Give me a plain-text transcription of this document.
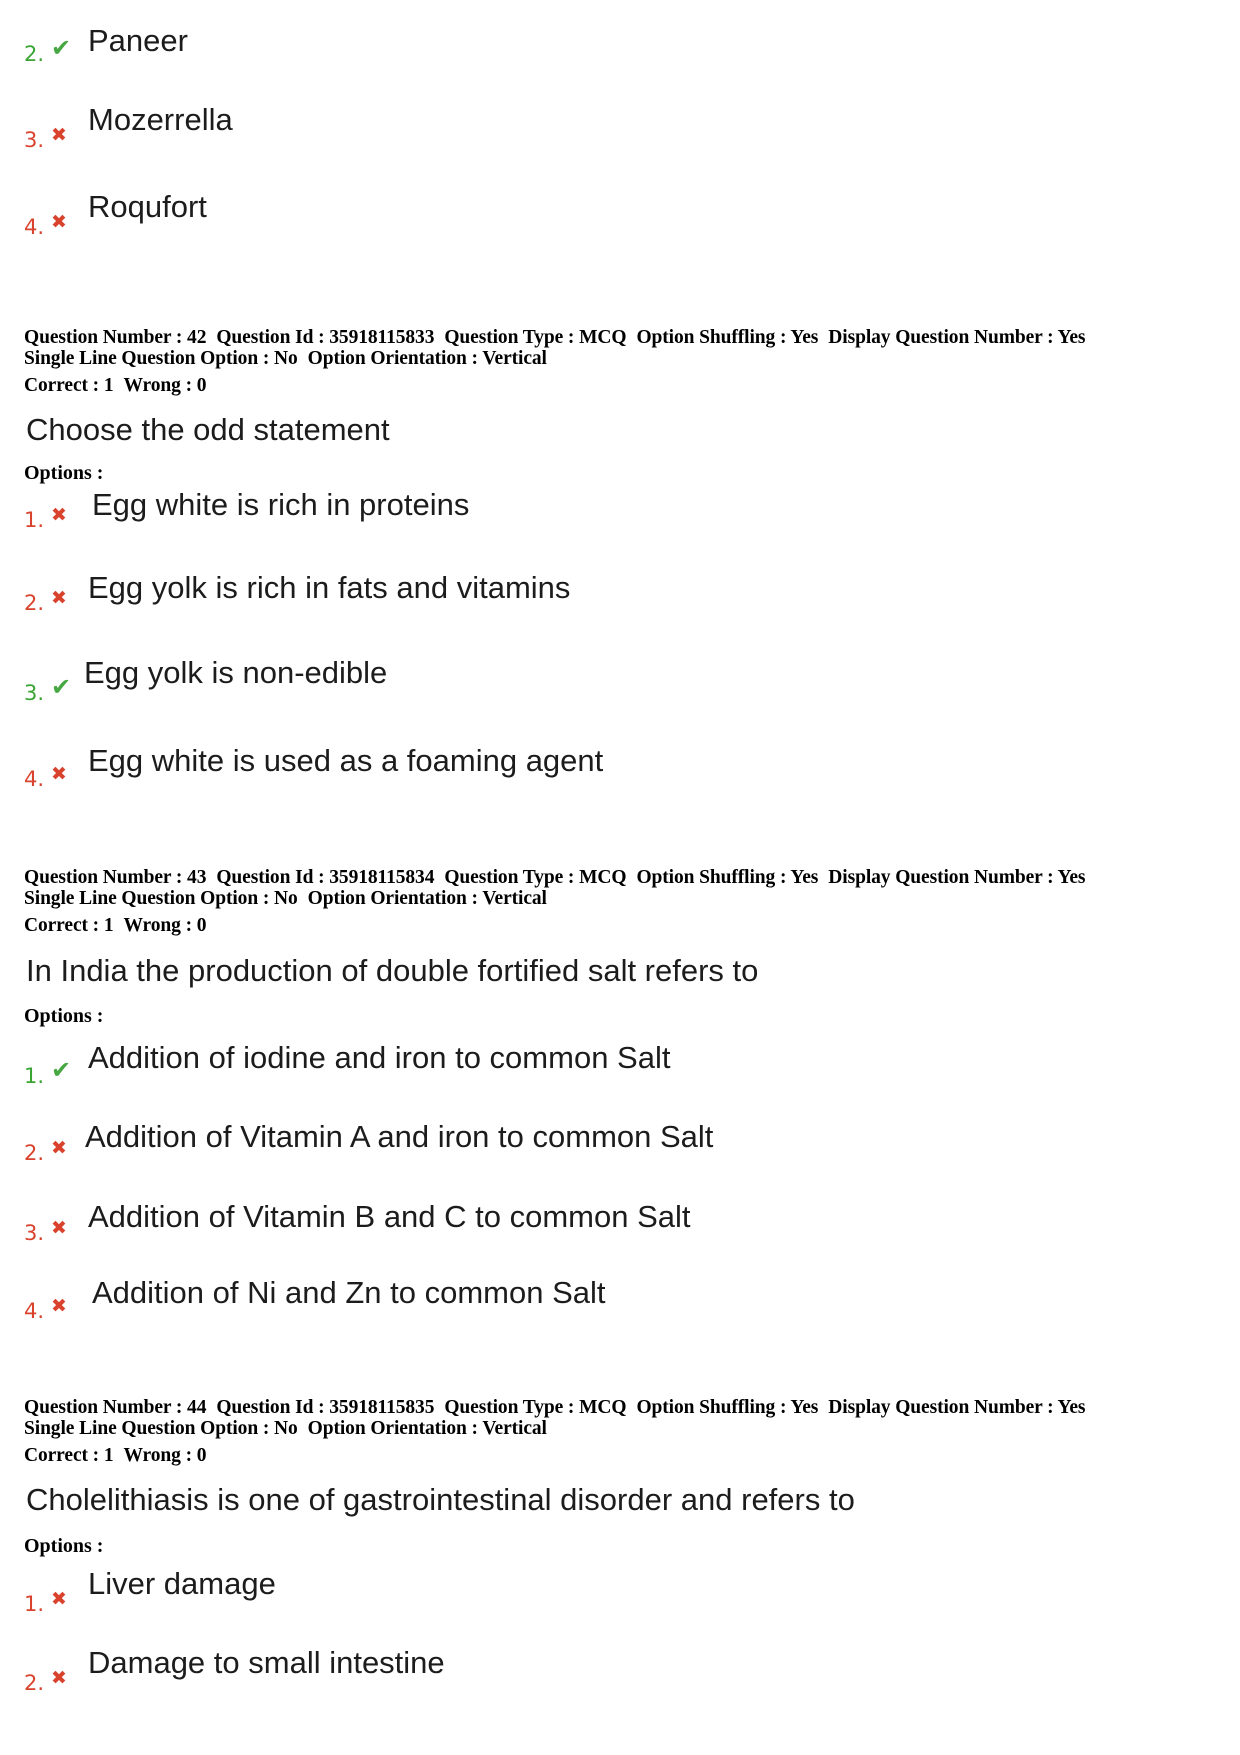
2. ✔ Paneer
3. ✖ Mozerrella
4. ✖ Roqufort
Question Number : 42 Question Id : 35918115833 Question Type : MCQ Option Shuffling : Yes Display Question Number : Yes
Single Line Question Option : No Option Orientation : Vertical
Correct : 1 Wrong : 0
Choose the odd statement
Options :
1. ✖ Egg white is rich in proteins
2. ✖ Egg yolk is rich in fats and vitamins
3. ✔ Egg yolk is non-edible
4. ✖ Egg white is used as a foaming agent
Question Number : 43 Question Id : 35918115834 Question Type : MCQ Option Shuffling : Yes Display Question Number : Yes
Single Line Question Option : No Option Orientation : Vertical
Correct : 1 Wrong : 0
In India the production of double fortified salt refers to
Options :
1. ✔ Addition of iodine and iron to common Salt
2. ✖ Addition of Vitamin A and iron to common Salt
3. ✖ Addition of Vitamin B and C to common Salt
4. ✖ Addition of Ni and Zn to common Salt
Question Number : 44 Question Id : 35918115835 Question Type : MCQ Option Shuffling : Yes Display Question Number : Yes
Single Line Question Option : No Option Orientation : Vertical
Correct : 1 Wrong : 0
Cholelithiasis is one of gastrointestinal disorder and refers to
Options :
1. ✖ Liver damage
2. ✖ Damage to small intestine
